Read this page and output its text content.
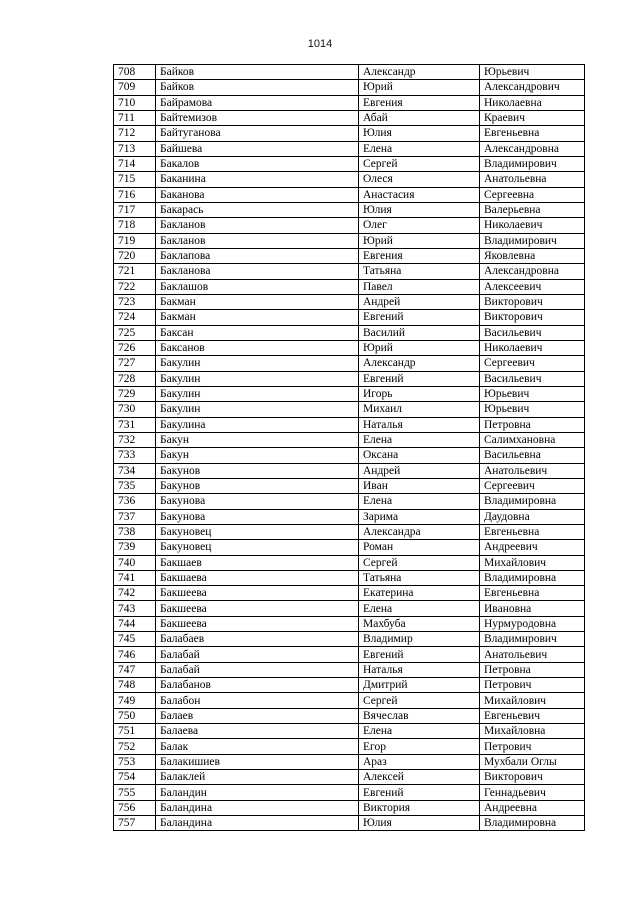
1014
708	Байков	Александр	Юрьевич
709	Байков	Юрий	Александрович
710	Байрамова	Евгения	Николаевна
711	Байтемизов	Абай	Краевич
712	Байтуганова	Юлия	Евгеньевна
713	Байшева	Елена	Александровна
714	Бакалов	Сергей	Владимирович
715	Баканина	Олеся	Анатольевна
716	Баканова	Анастасия	Сергеевна
717	Бакарась	Юлия	Валерьевна
718	Бакланов	Олег	Николаевич
719	Бакланов	Юрий	Владимирович
720	Баклапова	Евгения	Яковлевна
721	Бакланова	Татьяна	Александровна
722	Баклашов	Павел	Алексеевич
723	Бакман	Андрей	Викторович
724	Бакман	Евгений	Викторович
725	Баксан	Василий	Васильевич
726	Баксанов	Юрий	Николаевич
727	Бакулин	Александр	Сергеевич
728	Бакулин	Евгений	Васильевич
729	Бакулин	Игорь	Юрьевич
730	Бакулин	Михаил	Юрьевич
731	Бакулина	Наталья	Петровна
732	Бакун	Елена	Салимхановна
733	Бакун	Оксана	Васильевна
734	Бакунов	Андрей	Анатольевич
735	Бакунов	Иван	Сергеевич
736	Бакунова	Елена	Владимировна
737	Бакунова	Зарима	Даудовна
738	Бакуновец	Александра	Евгеньевна
739	Бакуновец	Роман	Андреевич
740	Бакшаев	Сергей	Михайлович
741	Бакшаева	Татьяна	Владимировна
742	Бакшеева	Екатерина	Евгеньевна
743	Бакшеева	Елена	Ивановна
744	Бакшеева	Махбуба	Нурмуродовна
745	Балабаев	Владимир	Владимирович
746	Балабай	Евгений	Анатольевич
747	Балабай	Наталья	Петровна
748	Балабанов	Дмитрий	Петрович
749	Балабон	Сергей	Михайлович
750	Балаев	Вячеслав	Евгеньевич
751	Балаева	Елена	Михайловна
752	Балак	Егор	Петрович
753	Балакишиев	Араз	Мухбали Оглы
754	Балаклей	Алексей	Викторович
755	Баландин	Евгений	Геннадьевич
756	Баландина	Виктория	Андреевна
757	Баландина	Юлия	Владимировна
